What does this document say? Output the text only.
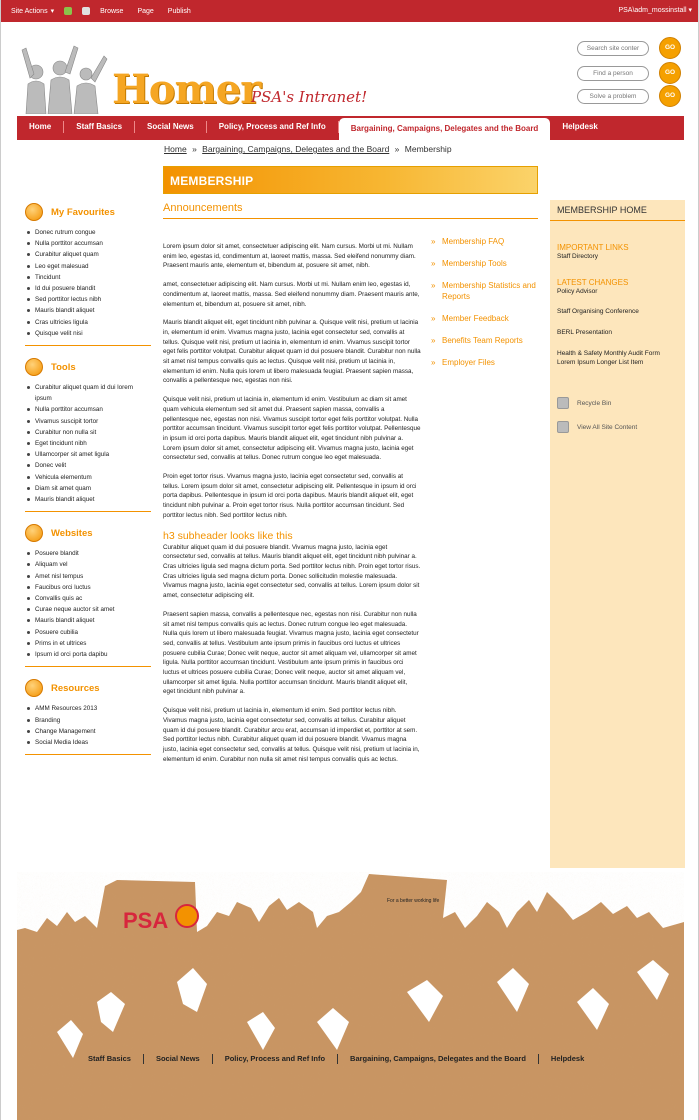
Site Actions ▾	Browse Page Publish	PSA\adm_mossinstall ▾
Homer
PSA's Intranet!
Search site conter	GO
Find a person	GO
Solve a problem	GO
Home	Staff Basics	Social News	Policy, Process and Ref Info	Bargaining, Campaigns, Delegates and the Board	Helpdesk
Home » Bargaining, Campaigns, Delegates and the Board » Membership
MEMBERSHIP
My Favourites
Donec rutrum congue
Nulla porttitor accumsan
Curabitur aliquet quam
Leo eget malesuad
Tincidunt
Id dui posuere blandit
Sed porttitor lectus nibh
Mauris blandit aliquet
Cras ultricies ligula
Quisque velit nisi
Tools
Curabitur aliquet quam id dui lorem ipsum
Nulla porttitor accumsan
Vivamus suscipit tortor
Curabitur non nulla sit
Eget tincidunt nibh
Ullamcorper sit amet ligula
Donec velit
Vehicula elementum
Diam sit amet quam
Mauris blandit aliquet
Websites
Posuere blandit
Aliquam vel
Amet nisl tempus
Faucibus orci luctus
Convallis quis ac
Curae neque auctor sit amet
Mauris blandit aliquet
Posuere cubilia
Prims in et ultrices
Ipsum id orci porta dapibu
Resources
AMM Resources 2013
Branding
Change Management
Social Media Ideas
Announcements

Lorem ipsum dolor sit amet, consectetuer adipiscing elit. Nam cursus. Morbi ut mi. Nullam enim leo, egestas id, condimentum at, laoreet mattis, massa. Sed eleifend nonummy diam. Praesent mauris ante, elementum et, bibendum at, posuere sit amet, nibh.

amet, consectetuer adipiscing elit. Nam cursus. Morbi ut mi. Nullam enim leo, egestas id, condimentum at, laoreet mattis, massa. Sed eleifend nonummy diam. Praesent mauris ante, elementum et, bibendum at, posuere sit amet, nibh.

Mauris blandit aliquet elit, eget tincidunt nibh pulvinar a. Quisque velit nisi, pretium ut lacinia in, elementum id enim. Vivamus magna justo, lacinia eget consectetur sed, convallis at tellus. Quisque velit nisi, pretium ut lacinia in, elementum id enim. Vivamus suscipit tortor eget felis porttitor volutpat. Curabitur aliquet quam id dui posuere blandit. Curabitur non nulla sit amet nisl tempus convallis quis ac lectus. Quisque velit nisi, pretium ut lacinia in, elementum id enim. Nulla quis lorem ut libero malesuada feugiat. Praesent sapien massa, convallis a pellentesque nec, egestas non nisi.

Quisque velit nisi, pretium ut lacinia in, elementum id enim. Vestibulum ac diam sit amet quam vehicula elementum sed sit amet dui. Praesent sapien massa, convallis a pellentesque nec, egestas non nisi. Vivamus suscipit tortor eget felis porttitor volutpat. Nulla porttitor accumsan tincidunt. Vivamus suscipit tortor eget felis porttitor volutpat. Pellentesque in ipsum id orci porta dapibus. Mauris blandit aliquet elit, eget tincidunt nibh pulvinar a. Lorem ipsum dolor sit amet, consectetur adipiscing elit. Vivamus magna justo, lacinia eget consectetur sed, convallis at tellus. Donec rutrum congue leo eget malesuada.

Proin eget tortor risus. Vivamus magna justo, lacinia eget consectetur sed, convallis at tellus. Lorem ipsum dolor sit amet, consectetur adipiscing elit. Pellentesque in ipsum id orci porta dapibus. Pellentesque in ipsum id orci porta dapibus. Mauris blandit aliquet elit, eget tincidunt nibh pulvinar a. Proin eget tortor risus. Nulla porttitor accumsan tincidunt. Sed porttitor lectus nibh. Sed porttitor lectus nibh.

h3 subheader looks like this

Curabitur aliquet quam id dui posuere blandit. Vivamus magna justo, lacinia eget consectetur sed, convallis at tellus. Mauris blandit aliquet elit, eget tincidunt nibh pulvinar a. Cras ultricies ligula sed magna dictum porta. Sed porttitor lectus nibh. Proin eget tortor risus. Cras ultricies ligula sed magna dictum porta. Donec sollicitudin molestie malesuada. Vivamus magna justo, lacinia eget consectetur sed, convallis at tellus. Lorem ipsum dolor sit amet, consectetur adipiscing elit.

Praesent sapien massa, convallis a pellentesque nec, egestas non nisi. Curabitur non nulla sit amet nisl tempus convallis quis ac lectus. Donec rutrum congue leo eget malesuada. Nulla quis lorem ut libero malesuada feugiat. Vivamus magna justo, lacinia eget consectetur sed, convallis at tellus. Vestibulum ante ipsum primis in faucibus orci luctus et ultrices posuere cubilia Curae; Donec velit neque, auctor sit amet aliquam vel, ullamcorper sit amet ligula. Nulla porttitor accumsan tincidunt. Vestibulum ante ipsum primis in faucibus orci luctus et ultrices posuere cubilia Curae; Donec velit neque, auctor sit amet aliquam vel, ullamcorper sit amet ligula. Nulla porttitor accumsan tincidunt. Mauris blandit aliquet elit, eget tincidunt nibh pulvinar a.

Quisque velit nisi, pretium ut lacinia in, elementum id enim. Sed porttitor lectus nibh. Vivamus magna justo, lacinia eget consectetur sed, convallis at tellus. Curabitur aliquet quam id dui posuere blandit. Curabitur arcu erat, accumsan id imperdiet et, porttitor at sem. Sed porttitor lectus nibh. Curabitur aliquet quam id dui posuere blandit. Vivamus magna justo, lacinia eget consectetur sed, convallis at tellus. Quisque velit nisi, pretium ut lacinia in, elementum id enim. Curabitur non nulla sit amet nisl tempus convallis quis ac lectus.

» Membership FAQ
» Membership Tools
» Membership Statistics and Reports
» Member Feedback
» Benefits Team Reports
» Employer Files
MEMBERSHIP HOME
IMPORTANT LINKS
Staff Directory
LATEST CHANGES
Policy Advisor
Staff Organising Conference
BERL Presentation
Health & Safety Monthly Audit Form Lorem Ipsum Longer List Item
Recycle Bin
View All Site Content
PSA
For a better working life
Staff Basics	Social News	Policy, Process and Ref Info	Bargaining, Campaigns, Delegates and the Board	Helpdesk
